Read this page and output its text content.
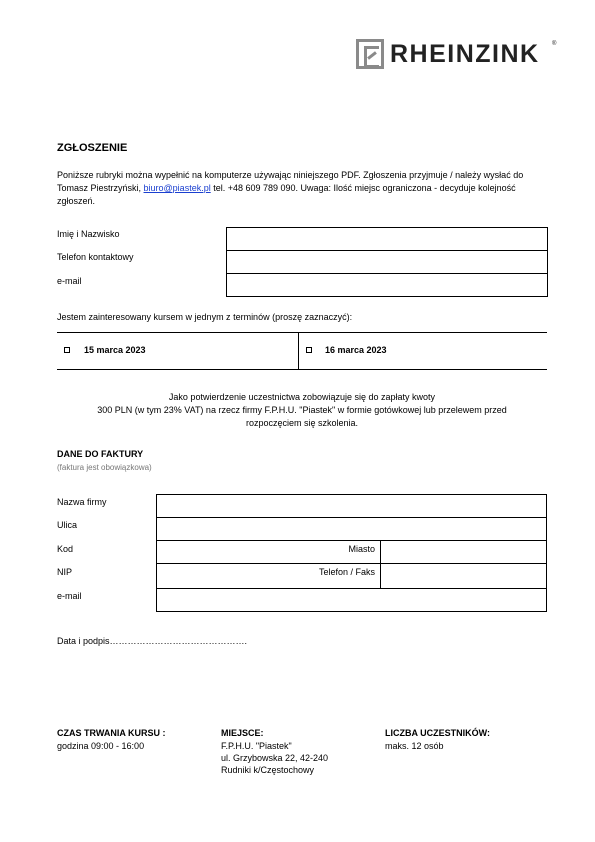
RHEINZINK ®
ZGŁOSZENIE
Poniższe rubryki można wypełnić na komputerze używając niniejszego PDF. Zgłoszenia przyjmuje / należy wysłać do Tomasz Piestrzyński, biuro@piastek.pl tel. +48 609 789 090. Uwaga: Ilość miejsc ograniczona - decyduje kolejność zgłoszeń.
Imię i Nazwisko
Telefon kontaktowy
e-mail
Jestem zainteresowany kursem w jednym z terminów (proszę zaznaczyć):
15 marca 2023	16 marca 2023
Jako potwierdzenie uczestnictwa zobowiązuje się do zapłaty kwoty
300 PLN (w tym 23% VAT) na rzecz firmy F.P.H.U. "Piastek" w formie gotówkowej lub przelewem przed
rozpoczęciem się szkolenia.
DANE DO FAKTURY
(faktura jest obowiązkowa)
Nazwa firmy
Ulica
Kod
NIP
e-mail
Miasto
Telefon / Faks
Data i podpis……………………………………….
CZAS TRWANIA KURSU :
godzina 09:00 - 16:00
MIEJSCE:
F.P.H.U. "Piastek"
ul. Grzybowska 22, 42-240
Rudniki k/Częstochowy
LICZBA UCZESTNIKÓW:
maks. 12 osób
